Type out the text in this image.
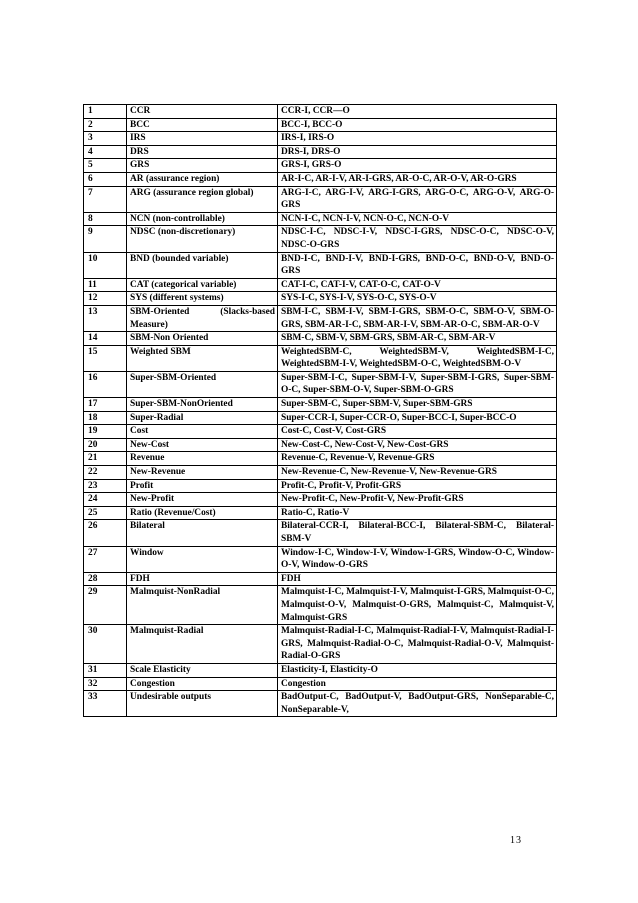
1	CCR	CCR-I, CCR—O
2	BCC	BCC-I, BCC-O
3	IRS	IRS-I, IRS-O
4	DRS	DRS-I, DRS-O
5	GRS	GRS-I, GRS-O
6	AR (assurance region)	AR-I-C, AR-I-V, AR-I-GRS, AR-O-C, AR-O-V, AR-O-GRS
7	ARG (assurance region global)	ARG-I-C, ARG-I-V, ARG-I-GRS, ARG-O-C, ARG-O-V, ARG-O-GRS
8	NCN (non-controllable)	NCN-I-C, NCN-I-V, NCN-O-C, NCN-O-V
9	NDSC (non-discretionary)	NDSC-I-C, NDSC-I-V, NDSC-I-GRS, NDSC-O-C, NDSC-O-V, NDSC-O-GRS
10	BND (bounded variable)	BND-I-C, BND-I-V, BND-I-GRS, BND-O-C, BND-O-V, BND-O-GRS
11	CAT (categorical variable)	CAT-I-C, CAT-I-V, CAT-O-C, CAT-O-V
12	SYS (different systems)	SYS-I-C, SYS-I-V, SYS-O-C, SYS-O-V
13	SBM-Oriented (Slacks-based Measure)	SBM-I-C, SBM-I-V, SBM-I-GRS, SBM-O-C, SBM-O-V, SBM-O-GRS, SBM-AR-I-C, SBM-AR-I-V, SBM-AR-O-C, SBM-AR-O-V
14	SBM-Non Oriented	SBM-C, SBM-V, SBM-GRS, SBM-AR-C, SBM-AR-V
15	Weighted SBM	WeightedSBM-C, WeightedSBM-V, WeightedSBM-I-C, WeightedSBM-I-V, WeightedSBM-O-C, WeightedSBM-O-V
16	Super-SBM-Oriented	Super-SBM-I-C, Super-SBM-I-V, Super-SBM-I-GRS, Super-SBM-O-C, Super-SBM-O-V, Super-SBM-O-GRS
17	Super-SBM-NonOriented	Super-SBM-C, Super-SBM-V, Super-SBM-GRS
18	Super-Radial	Super-CCR-I, Super-CCR-O, Super-BCC-I, Super-BCC-O
19	Cost	Cost-C, Cost-V, Cost-GRS
20	New-Cost	New-Cost-C, New-Cost-V, New-Cost-GRS
21	Revenue	Revenue-C, Revenue-V, Revenue-GRS
22	New-Revenue	New-Revenue-C, New-Revenue-V, New-Revenue-GRS
23	Profit	Profit-C, Profit-V, Profit-GRS
24	New-Profit	New-Profit-C, New-Profit-V, New-Profit-GRS
25	Ratio (Revenue/Cost)	Ratio-C, Ratio-V
26	Bilateral	Bilateral-CCR-I, Bilateral-BCC-I, Bilateral-SBM-C, Bilateral-SBM-V
27	Window	Window-I-C, Window-I-V, Window-I-GRS, Window-O-C, Window-O-V, Window-O-GRS
28	FDH	FDH
29	Malmquist-NonRadial	Malmquist-I-C, Malmquist-I-V, Malmquist-I-GRS, Malmquist-O-C, Malmquist-O-V, Malmquist-O-GRS, Malmquist-C, Malmquist-V, Malmquist-GRS
30	Malmquist-Radial	Malmquist-Radial-I-C, Malmquist-Radial-I-V, Malmquist-Radial-I-GRS, Malmquist-Radial-O-C, Malmquist-Radial-O-V, Malmquist-Radial-O-GRS
31	Scale Elasticity	Elasticity-I, Elasticity-O
32	Congestion	Congestion
33	Undesirable outputs	BadOutput-C, BadOutput-V, BadOutput-GRS, NonSeparable-C, NonSeparable-V,
13
